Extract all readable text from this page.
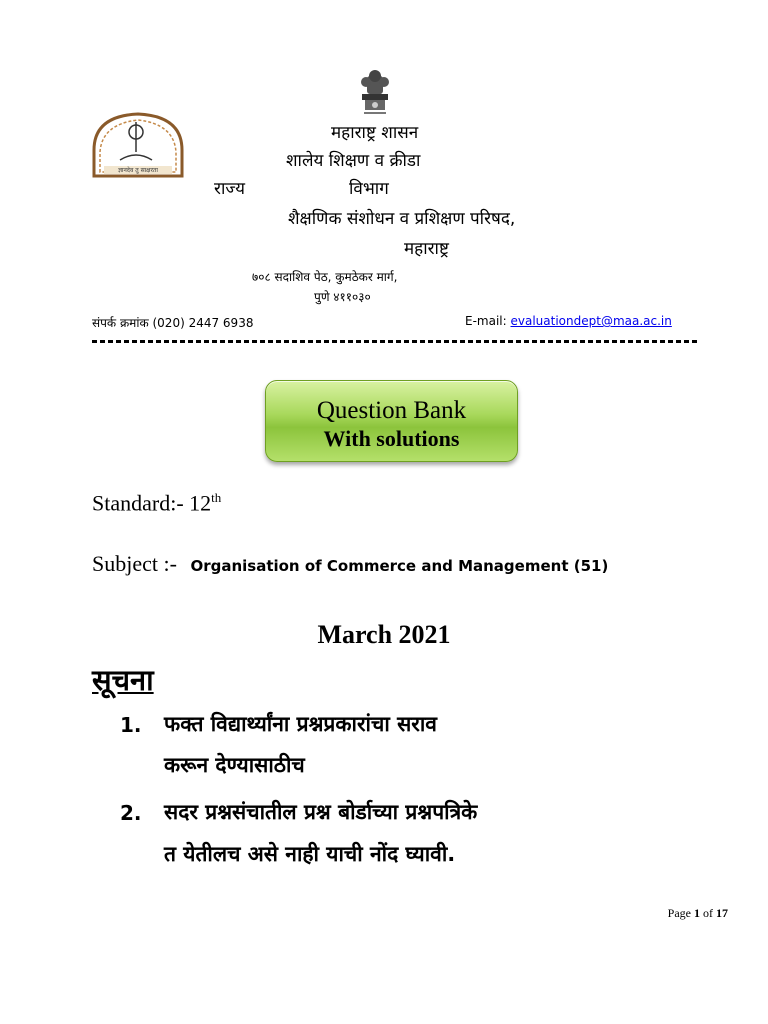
ज्ञानदेव तु साक्षरता
महाराष्ट्र शासन
शालेय शिक्षण व क्रीडा
राज्य	विभाग
शैक्षणिक संशोधन व प्रशिक्षण परिषद,
महाराष्ट्र
७०८ सदाशिव पेठ, कुमठेकर मार्ग,
पुणे ४११०३०
संपर्क क्रमांक (020) 2447 6938	E-mail: evaluationdept@maa.ac.in
Question Bank
With solutions
Standard:- 12th
Subject :- Organisation of Commerce and Management (51)
March 2021
सूचना
1. फक्त विद्यार्थ्यांना प्रश्नप्रकारांचा सराव
करून देण्यासाठीच
2. सदर प्रश्नसंचातील प्रश्न बोर्डाच्या प्रश्नपत्रिके
त येतीलच असे नाही याची नोंद घ्यावी.
Page 1 of 17
